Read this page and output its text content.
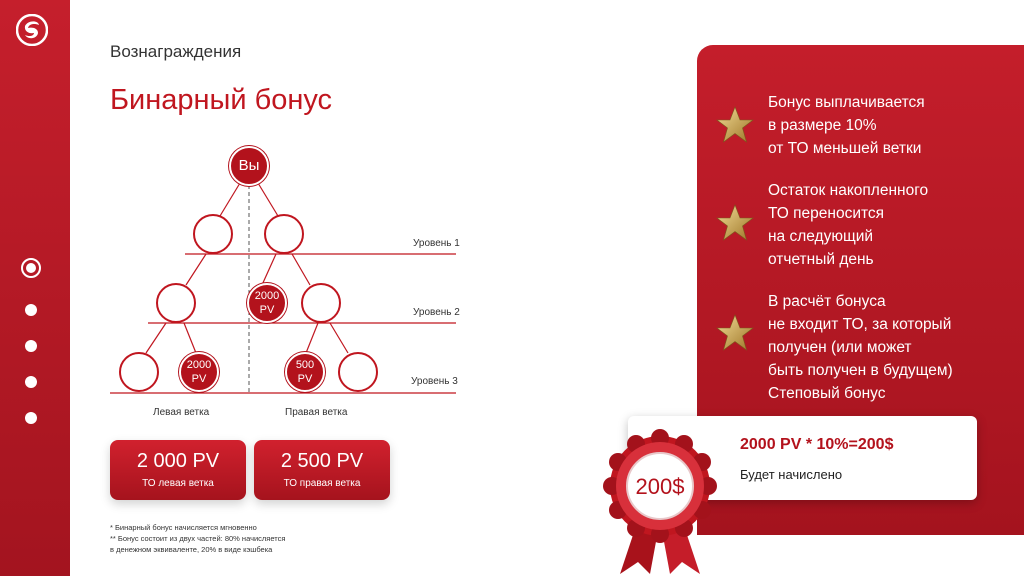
Вознаграждения
Бинарный бонус
Вы
2000
PV
2000
PV
500
PV
Уровень 1
Уровень 2
Уровень 3
Левая ветка	Правая ветка
2 000 PV
ТО левая ветка
2 500 PV
ТО правая ветка
* Бинарный бонус начисляется мгновенно
** Бонус состоит из двух частей: 80% начисляется
в денежном эквиваленте, 20% в виде кэшбека
Бонус выплачивается
в размере 10%
от ТО меньшей ветки
Остаток накопленного
ТО переносится
на следующий
отчетный день
В расчёт бонуса
не входит ТО, за который
получен (или может
быть получен в будущем)
Степовый бонус
2000 PV * 10%=200$
Будет начислено
200$
